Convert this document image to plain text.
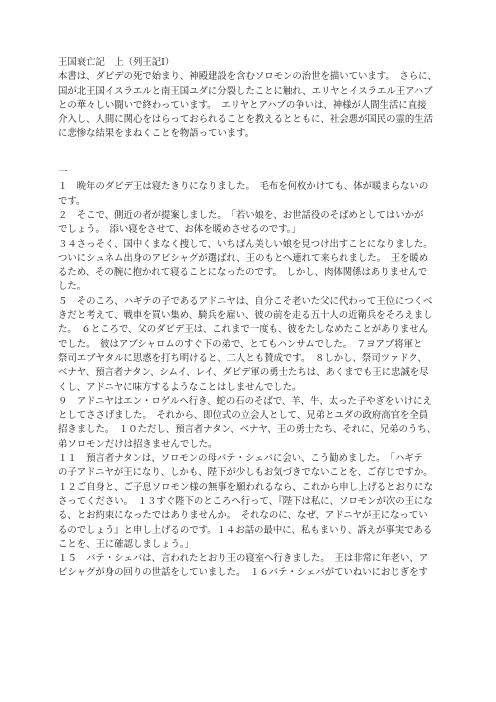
王国衰亡記　上（列王記Ⅰ）
本書は、ダビデの死で始まり、神殿建設を含むソロモンの治世を描いています。　さらに、
国が北王国イスラエルと南王国ユダに分裂したことに触れ、エリヤとイスラエル王アハブ
との華々しい闘いで終わっています。　エリヤとアハブの争いは、神様が人間生活に直接
介入し、人間に関心をはらっておられることを教えるとともに、社会悪が国民の霊的生活
に悲惨な結果をまねくことを物語っています。
一
１　晩年のダビデ王は寝たきりになりました。　毛布を何枚かけても、体が暖まらないの
です。
２　そこで、側近の者が提案しました。　「若い娘を、お世話役のそばめとしてはいかが
でしょう。　添い寝をさせて、お体を暖めさせるのです。」
３４さっそく、国中くまなく捜して、いちばん美しい娘を見つけ出すことになりました。
ついにシュネム出身のアビシャグが選ばれ、王のもとへ連れて来られました。　王を暖め
るため、その腕に抱かれて寝ることになったのです。　しかし、肉体関係はありませんで
した。
５　そのころ、ハギテの子であるアドニヤは、自分こそ老いた父に代わって王位につくべ
きだと考えて、戦車を買い集め、騎兵を雇い、彼の前を走る五十人の近衛兵をそろえまし
た。　６ところで、父のダビデ王は、これまで一度も、彼をたしなめたことがありません
でした。　彼はアブシャロムのすぐ下の弟で、とてもハンサムでした。　７ヨアブ将軍と
祭司エブヤタルに思惑を打ち明けると、二人とも賛成です。　８しかし、祭司ツァドク、
ベナヤ、預言者ナタン、シムイ、レイ、ダビデ軍の勇士たちは、あくまでも王に忠誠を尽
くし、アドニヤに味方するようなことはしませんでした。
９　アドニヤはエン・ロゲルへ行き、蛇の石のそばで、羊、牛、太った子やぎをいけにえ
としてささげました。　それから、即位式の立会人として、兄弟とユダの政府高官を全員
招きました。　１０ただし、預言者ナタン、ベナヤ、王の勇士たち、それに、兄弟のうち、
弟ソロモンだけは招きませんでした。
１１　預言者ナタンは、ソロモンの母バテ・シェバに会い、こう勧めました。　「ハギテ
の子アドニヤが王になり、しかも、陛下が少しもお気づきでないことを、ご存じですか。
１２ご自身と、ご子息ソロモン様の無事を願われるなら、これから申し上げるとおりにな
さってください。　１３すぐ陛下のところへ行って、『陛下は私に、ソロモンが次の王にな
る、とお約束になったではありませんか。　それなのに、なぜ、アドニヤが王になってい
るのでしょう』と申し上げるのです。１４お話の最中に、私もまいり、訴えが事実である
ことを、王に確認しましょう。」
１５　バテ・シェバは、言われたとおり王の寝室へ行きました。　王は非常に年老い、ア
ビシャグが身の回りの世話をしていました。　１６バテ・シェバがていねいにおじぎをす
